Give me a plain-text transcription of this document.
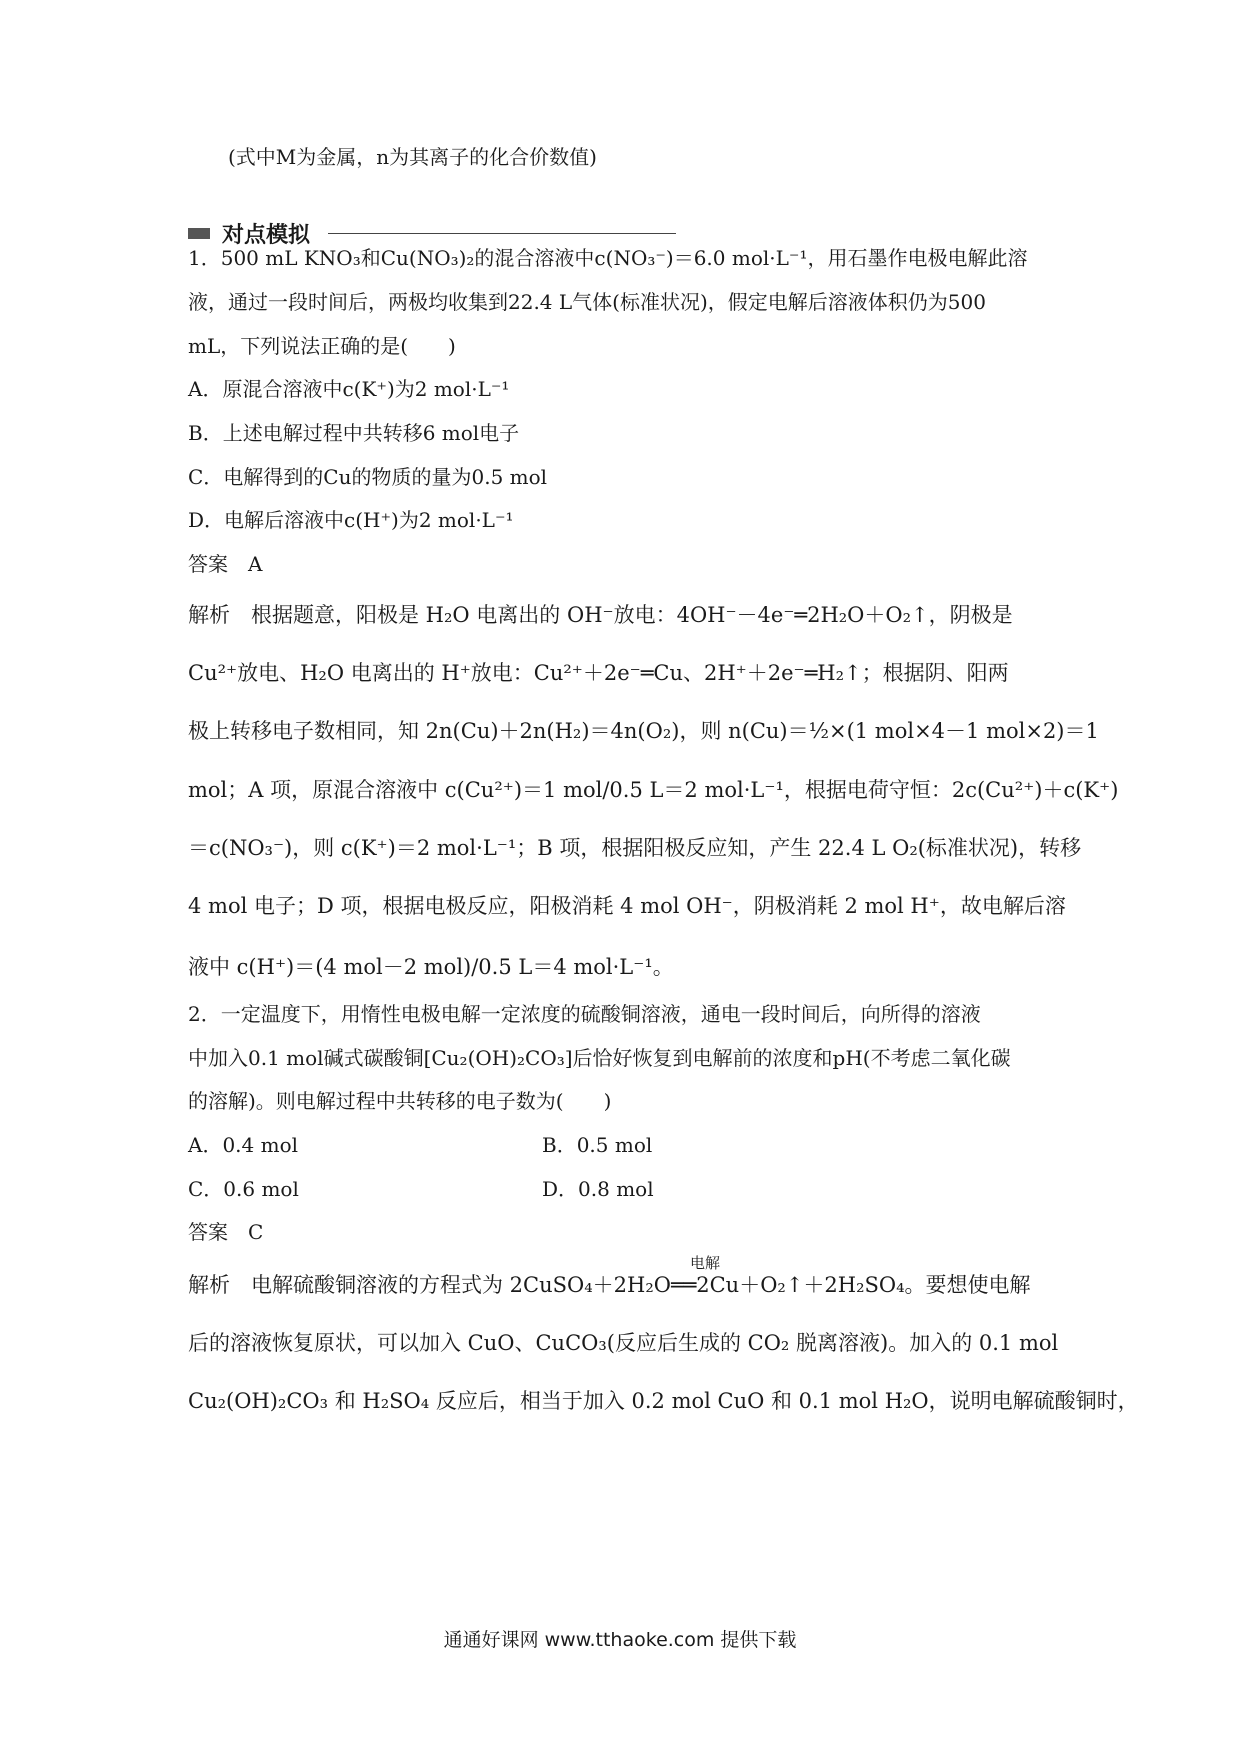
(式中M为金属，n为其离子的化合价数值)
对点模拟
1．500 mL KNO₃和Cu(NO₃)₂的混合溶液中c(NO₃⁻)＝6.0 mol·L⁻¹，用石墨作电极电解此溶
液，通过一段时间后，两极均收集到22.4 L气体(标准状况)，假定电解后溶液体积仍为500
mL，下列说法正确的是(　　)
A．原混合溶液中c(K⁺)为2 mol·L⁻¹
B．上述电解过程中共转移6 mol电子
C．电解得到的Cu的物质的量为0.5 mol
D．电解后溶液中c(H⁺)为2 mol·L⁻¹
答案　A
解析　根据题意，阳极是 H₂O 电离出的 OH⁻放电：4OH⁻－4e⁻═2H₂O＋O₂↑，阴极是
Cu²⁺放电、H₂O 电离出的 H⁺放电：Cu²⁺＋2e⁻═Cu、2H⁺＋2e⁻═H₂↑；根据阴、阳两
极上转移电子数相同，知 2n(Cu)＋2n(H₂)＝4n(O₂)，则 n(Cu)＝½×(1 mol×4－1 mol×2)＝1
mol；A 项，原混合溶液中 c(Cu²⁺)＝1 mol/0.5 L＝2 mol·L⁻¹，根据电荷守恒：2c(Cu²⁺)＋c(K⁺)
＝c(NO₃⁻)，则 c(K⁺)＝2 mol·L⁻¹；B 项，根据阳极反应知，产生 22.4 L O₂(标准状况)，转移
4 mol 电子；D 项，根据电极反应，阳极消耗 4 mol OH⁻，阴极消耗 2 mol H⁺，故电解后溶
液中 c(H⁺)＝(4 mol－2 mol)/0.5 L＝4 mol·L⁻¹。
2．一定温度下，用惰性电极电解一定浓度的硫酸铜溶液，通电一段时间后，向所得的溶液
中加入0.1 mol碱式碳酸铜[Cu₂(OH)₂CO₃]后恰好恢复到电解前的浓度和pH(不考虑二氧化碳
的溶解)。则电解过程中共转移的电子数为(　　)
A．0.4 mol	B．0.5 mol
C．0.6 mol	D．0.8 mol
答案　C
电解
解析　电解硫酸铜溶液的方程式为 2CuSO₄＋2H₂O══2Cu＋O₂↑＋2H₂SO₄。要想使电解
后的溶液恢复原状，可以加入 CuO、CuCO₃(反应后生成的 CO₂ 脱离溶液)。加入的 0.1 mol
Cu₂(OH)₂CO₃ 和 H₂SO₄ 反应后，相当于加入 0.2 mol CuO 和 0.1 mol H₂O，说明电解硫酸铜时，
通通好课网 www.tthaoke.com 提供下载
